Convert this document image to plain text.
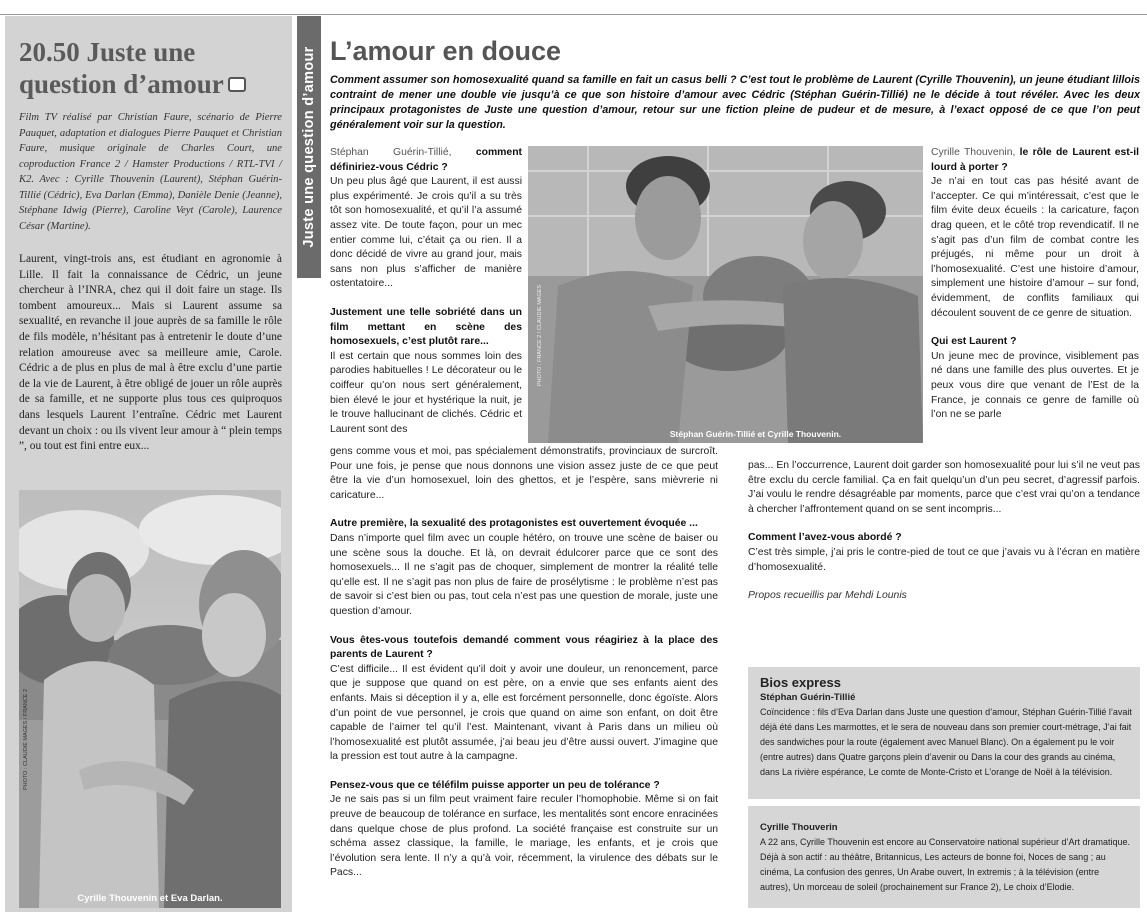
20.50 Juste une
question d’amour
Film TV réalisé par Christian Faure, scénario de Pierre Pauquet, adaptation et dialogues Pierre Pauquet et Christian Faure, musique originale de Charles Court, une coproduction France 2 / Hamster Productions / RTL-TVI / K2. Avec : Cyrille Thouvenin (Laurent), Stéphan Guérin-Tillié (Cédric), Eva Darlan (Emma), Danièle Denie (Jeanne), Stéphane Idwig (Pierre), Caroline Veyt (Carole), Laurence César (Martine).
Laurent, vingt-trois ans, est étudiant en agronomie à Lille. Il fait la connaissance de Cédric, un jeune chercheur à l’INRA, chez qui il doit faire un stage. Ils tombent amoureux... Mais si Laurent assume sa sexualité, en revanche il joue auprès de sa famille le rôle de fils modèle, n’hésitant pas à entretenir le doute d’une relation amoureuse avec sa meilleure amie, Carole. Cédric a de plus en plus de mal à être exclu d’une partie de la vie de Laurent, à être obligé de jouer un rôle auprès de sa famille, et ne supporte plus tous ces quiproquos dans lesquels Laurent l’entraîne. Cédric met Laurent devant un choix : ou ils vivent leur amour à “ plein temps ”, ou tout est fini entre eux...
Cyrille Thouvenin et Eva Darlan.
PHOTO : CLAUDIE MAGES / FRANCE 2
Juste une question d’amour L’amour en douce
Comment assumer son homosexualité quand sa famille en fait un casus belli ? C’est tout le problème de Laurent (Cyrille Thouvenin), un jeune étudiant lillois contraint de mener une double vie jusqu’à ce que son histoire d’amour avec Cédric (Stéphan Guérin-Tillié) ne le décide à tout révéler. Avec les deux principaux protagonistes de Juste une question d’amour, retour sur une fiction pleine de pudeur et de mesure, à l’exact opposé de ce que l’on peut généralement voir sur la question.
Stéphan Guérin-Tillié, comment définiriez-vous Cédric ?
Un peu plus âgé que Laurent, il est aussi plus expérimenté. Je crois qu’il a su très tôt son homosexualité, et qu’il l’a assumé assez vite. De toute façon, pour un mec entier comme lui, c’était ça ou rien. Il a donc décidé de vivre au grand jour, mais sans non plus s’afficher de manière ostentatoire...
Justement une telle sobriété dans un film mettant en scène des homosexuels, c’est plutôt rare...
Il est certain que nous sommes loin des parodies habituelles ! Le décorateur ou le coiffeur qu’on nous sert généralement, bien élevé le jour et hystérique la nuit, je le trouve hallucinant de clichés. Cédric et Laurent sont des	Stéphan Guérin-Tillié et Cyrille Thouvenin.
PHOTO : FRANCE 2 / CLAUDIE MAGES
gens comme vous et moi, pas spécialement démonstratifs, provinciaux de surcroît. Pour une fois, je pense que nous donnons une vision assez juste de ce que peut être la vie d’un homosexuel, loin des ghettos, et je l’espère, sans mièvrerie ni caricature...
Autre première, la sexualité des protagonistes est ouvertement évoquée ...
Dans n’importe quel film avec un couple hétéro, on trouve une scène de baiser ou une scène sous la douche. Et là, on devrait édulcorer parce que ce sont des homosexuels... Il ne s’agit pas de choquer, simplement de montrer la réalité telle qu’elle est. Il ne s’agit pas non plus de faire de prosélytisme : le problème n’est pas de savoir si c’est bien ou pas, tout cela n’est pas une question de morale, juste une question d’amour.
Vous êtes-vous toutefois demandé comment vous réagiriez à la place des parents de Laurent ?
C’est difficile... Il est évident qu’il doit y avoir une douleur, un renoncement, parce que je suppose que quand on est père, on a envie que ses enfants aient des enfants. Mais si déception il y a, elle est forcément personnelle, donc égoïste. Alors d’un point de vue personnel, je crois que quand on aime son enfant, on doit être capable de l’aimer tel qu’il l’est. Maintenant, vivant à Paris dans un milieu où l’homosexualité est plutôt assumée, j’ai beau jeu d’être aussi ouvert. J’imagine que la pression est tout autre à la campagne.
Pensez-vous que ce téléfilm puisse apporter un peu de tolérance ?
Je ne sais pas si un film peut vraiment faire reculer l’homophobie. Même si on fait preuve de beaucoup de tolérance en surface, les mentalités sont encore enracinées dans quelque chose de plus profond. La société française est construite sur un schéma assez classique, la famille, le mariage, les enfants, et je crois que l’évolution sera lente. Il n’y a qu’à voir, récemment, la virulence des débats sur le Pacs...
Cyrille Thouvenin, le rôle de Laurent est-il lourd à porter ?
Je n’ai en tout cas pas hésité avant de l’accepter. Ce qui m’intéressait, c’est que le film évite deux écueils : la caricature, façon drag queen, et le côté trop revendicatif. Il ne s’agit pas d’un film de combat contre les préjugés, ni même pour un droit à l’homosexualité. C’est une histoire d’amour, simplement une histoire d’amour – sur fond, évidemment, de conflits familiaux qui découlent souvent de ce genre de situation.
Qui est Laurent ?
Un jeune mec de province, visiblement pas né dans une famille des plus ouvertes. Et je peux vous dire que venant de l’Est de la France, je connais ce genre de famille où l’on ne se parle
pas... En l’occurrence, Laurent doit garder son homosexualité pour lui s’il ne veut pas être exclu du cercle familial. Ça en fait quelqu’un d’un peu secret, d’agressif parfois. J’ai voulu le rendre désagréable par moments, parce que c’est vrai qu’on a tendance à chercher l’affrontement quand on se sent incompris...
Comment l’avez-vous abordé ?
C’est très simple, j’ai pris le contre-pied de tout ce que j’avais vu à l’écran en matière d’homosexualité.
Propos recueillis par Mehdi Lounis
Bios express
Stéphan Guérin-Tillié
Coïncidence : fils d’Eva Darlan dans Juste une question d’amour, Stéphan Guérin-Tillié l’avait déjà été dans Les marmottes, et le sera de nouveau dans son premier court-métrage, J’ai fait des sandwiches pour la route (également avec Manuel Blanc). On a également pu le voir (entre autres) dans Quatre garçons plein d’avenir ou Dans la cour des grands au cinéma, dans La rivière espérance, Le comte de Monte-Cristo et L’orange de Noël à la télévision.
Cyrille Thouverin
A 22 ans, Cyrille Thouvenin est encore au Conservatoire national supérieur d’Art dramatique. Déjà à son actif : au théâtre, Britannicus, Les acteurs de bonne foi, Noces de sang ; au cinéma, La confusion des genres, Un Arabe ouvert, In extremis ; à la télévision (entre autres), Un morceau de soleil (prochainement sur France 2), Le choix d’Elodie.
